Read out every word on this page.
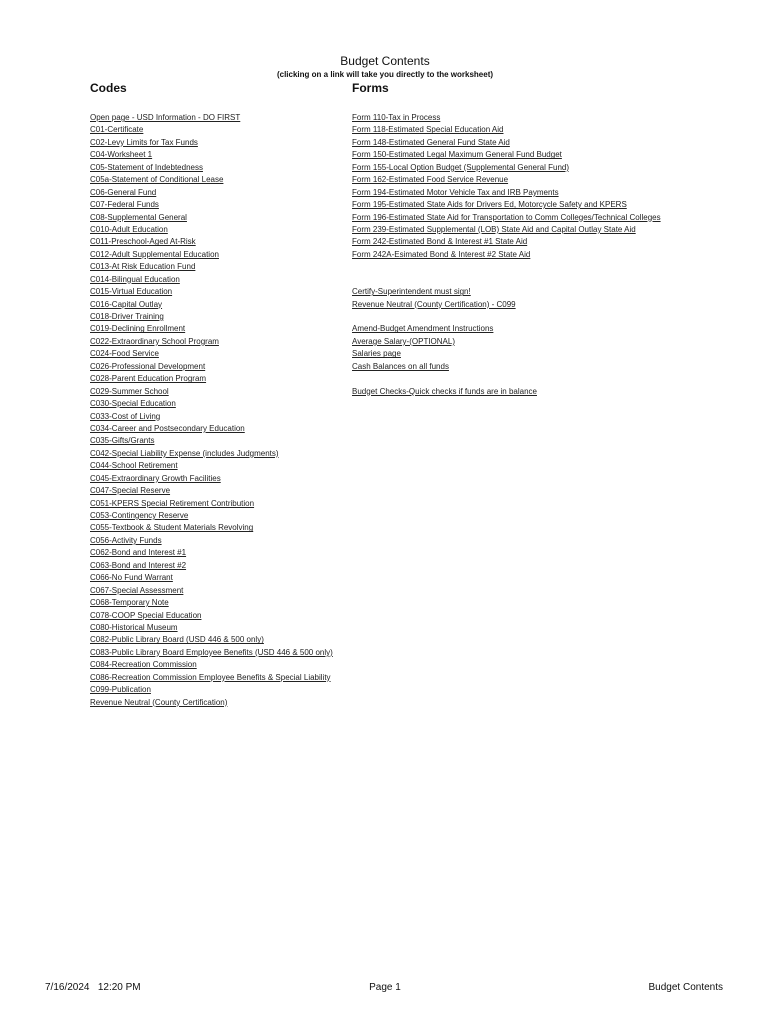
Budget Contents
(clicking on a link will take you directly to the worksheet)
Codes	Forms
Open page - USD Information - DO FIRST
C01-Certificate
C02-Levy Limits for Tax Funds
C04-Worksheet 1
C05-Statement of Indebtedness
C05a-Statement of Conditional Lease
C06-General Fund
C07-Federal Funds
C08-Supplemental General
C010-Adult Education
C011-Preschool-Aged At-Risk
C012-Adult Supplemental Education
C013-At Risk Education Fund
C014-Bilingual Education
C015-Virtual Education
C016-Capital Outlay
C018-Driver Training
C019-Declining Enrollment
C022-Extraordinary School Program
C024-Food Service
C026-Professional Development
C028-Parent Education Program
C029-Summer School
C030-Special Education
C033-Cost of Living
C034-Career and Postsecondary Education
C035-Gifts/Grants
C042-Special Liability Expense (includes Judgments)
C044-School Retirement
C045-Extraordinary Growth Facilities
C047-Special Reserve
C051-KPERS Special Retirement Contribution
C053-Contingency Reserve
C055-Textbook & Student Materials Revolving
C056-Activity Funds
C062-Bond and Interest #1
C063-Bond and Interest #2
C066-No Fund Warrant
C067-Special Assessment
C068-Temporary Note
C078-COOP Special Education
C080-Historical Museum
C082-Public Library Board (USD 446 & 500 only)
C083-Public Library Board Employee Benefits (USD 446 & 500 only)
C084-Recreation Commission
C086-Recreation Commission Employee Benefits & Special Liability
C099-Publication
Revenue Neutral (County Certification)
Form 110-Tax in Process
Form 118-Estimated Special Education Aid
Form 148-Estimated General Fund State Aid
Form 150-Estimated Legal Maximum General Fund Budget
Form 155-Local Option Budget (Supplemental General Fund)
Form 162-Estimated Food Service Revenue
Form 194-Estimated Motor Vehicle Tax and IRB Payments
Form 195-Estimated State Aids for Drivers Ed, Motorcycle Safety and KPERS
Form 196-Estimated State Aid for Transportation to Comm Colleges/Technical Colleges
Form 239-Estimated Supplemental (LOB) State Aid and Capital Outlay State Aid
Form 242-Estimated Bond & Interest #1 State Aid
Form 242A-Esimated Bond & Interest #2 State Aid
Certify-Superintendent must sign!
Revenue Neutral (County Certification) - C099
Amend-Budget Amendment Instructions
Average Salary-(OPTIONAL)
Salaries page
Cash Balances on all funds
Budget Checks-Quick checks if funds are in balance
7/16/2024   12:20 PM	Page 1	Budget Contents
